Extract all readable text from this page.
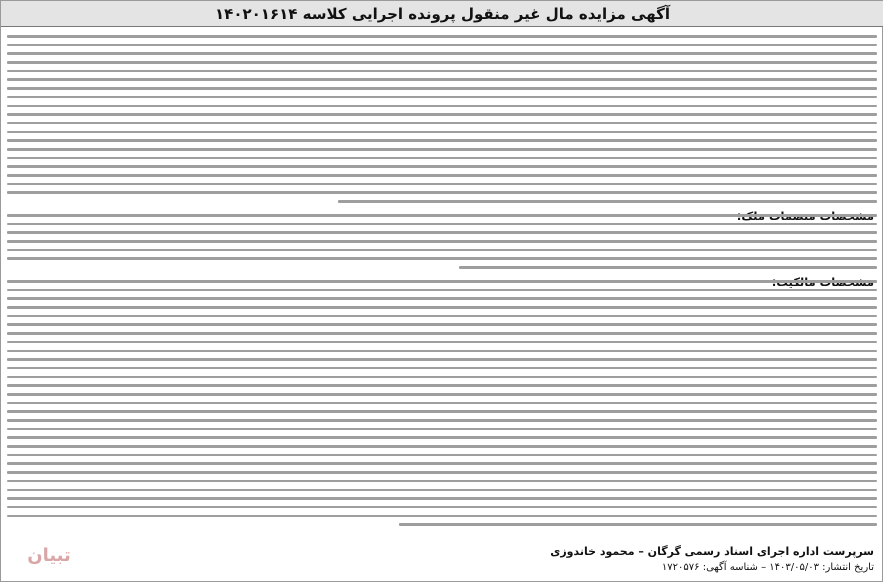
آگهی مزایده مال غیر منقول پرونده اجرایی کلاسه ۱۴۰۲۰۱۶۱۴
سرپرست اداره اجرای اسناد رسمی گرگان – محمود خاندوزی
تاریخ انتشار: ۱۴۰۳/۰۵/۰۳ – شناسه آگهی: ۱۷۲۰۵۷۶
تبیان
